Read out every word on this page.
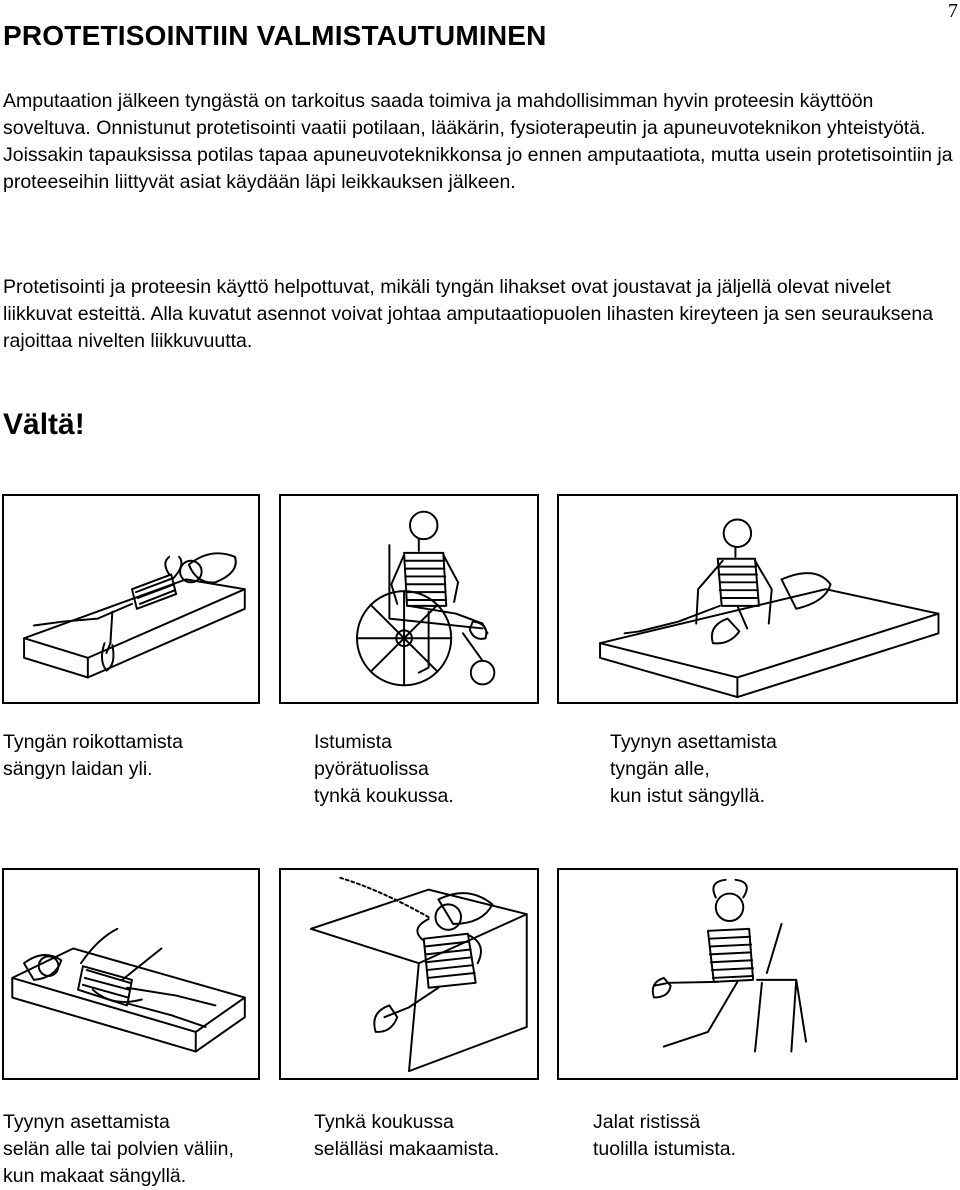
7
PROTETISOINTIIN VALMISTAUTUMINEN

Amputaation jälkeen tyngästä on tarkoitus saada toimiva ja mahdollisimman hyvin proteesin käyttöön soveltuva. Onnistunut protetisointi vaatii potilaan, lääkärin, fysioterapeutin ja apuneuvoteknikon yhteistyötä. Joissakin tapauksissa potilas tapaa apuneuvoteknikkonsa jo ennen amputaatiota, mutta usein protetisointiin ja proteeseihin liittyvät asiat käydään läpi leikkauksen jälkeen.

Protetisointi ja proteesin käyttö helpottuvat, mikäli tyngän lihakset ovat joustavat ja jäljellä olevat nivelet liikkuvat esteittä. Alla kuvatut asennot voivat johtaa amputaatiopuolen lihasten kireyteen ja sen seurauksena rajoittaa nivelten liikkuvuutta.

Vältä!
Tyngän roikottamista
sängyn laidan yli.
Istumista
pyörätuolissa
tynkä koukussa.
Tyynyn asettamista
tyngän alle,
kun istut sängyllä.
Tyynyn asettamista
selän alle tai polvien väliin,
kun makaat sängyllä.
Tynkä koukussa
selälläsi makaamista.
Jalat ristissä
tuolilla istumista.
